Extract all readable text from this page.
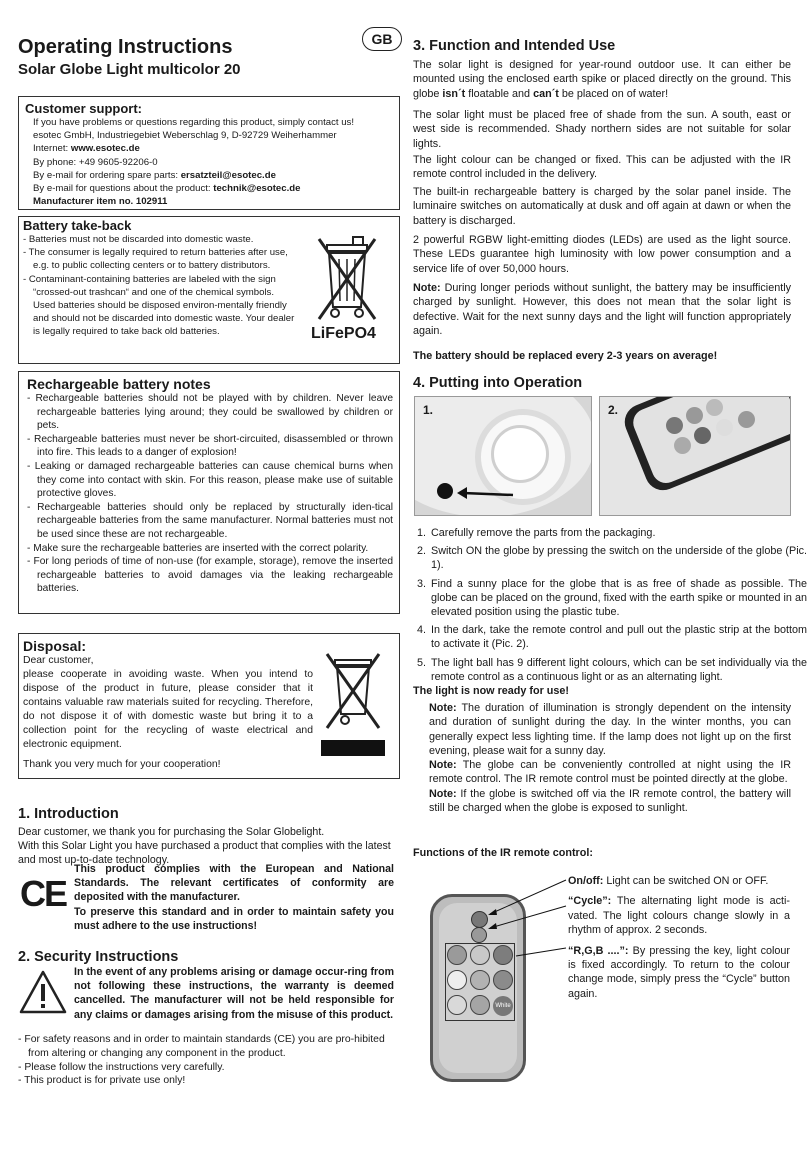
Operating Instructions
Solar Globe Light multicolor 20
GB

Customer support:

If you have problems or questions regarding this product, simply contact us!

esotec GmbH, Industriegebiet Weberschlag 9, D-92729 Weiherhammer

Internet: www.esotec.de

By phone: +49 9605-92206-0

By e-mail for ordering spare parts: ersatzteil@esotec.de

By e-mail for questions about the product: technik@esotec.de

Manufacturer item no. 102911

Battery take-back

- Batteries must not be discarded into domestic waste.

- The consumer is legally required to return batteries after use, e.g. to public collecting centers or to battery distributors.

- Contaminant-containing batteries are labeled with the sign “crossed-out trashcan“ and one of the chemical symbols. Used batteries should be disposed environ-mentally friendly and should not be discarded into domestic waste. Your dealer is legally required to take back old batteries.	LiFePO4

Rechargeable battery notes

- Rechargeable batteries should not be played with by children. Never leave rechargeable batteries lying around; they could be swallowed by children or pets.

- Rechargeable batteries must never be short-circuited, disassembled or thrown into fire. This leads to a danger of explosion!

- Leaking or damaged rechargeable batteries can cause chemical burns when they come into contact with skin. For this reason, please make use of suitable protective gloves.

- Rechargeable batteries should only be replaced by structurally iden-tical rechargeable batteries from the same manufacturer. Normal batteries must not be used since these are not rechargeable.

- Make sure the rechargeable batteries are inserted with the correct polarity.

- For long periods of time of non-use (for example, storage), remove the inserted rechargeable batteries to avoid damages via the leaking rechargeable batteries.

Disposal:

Dear customer,

please cooperate in avoiding waste. When you intend to dispose of the product in future, please consider that it contains valuable raw materials suited for recycling. Therefore, do not dispose it of with domestic waste but bring it to a collection point for the recycling of waste electrical and electronic equipment.

Thank you very much for your cooperation!

1. Introduction

Dear customer, we thank you for purchasing the Solar Globelight.

With this Solar Light you have purchased a product that complies with the latest and most up-to-date technology.

CE

This product complies with the European and National Standards. The relevant certificates of conformity are deposited with the manufacturer.

To preserve this standard and in order to maintain safety you must adhere to the use instructions!

2. Security Instructions
In the event of any problems arising or damage occur-ring from not following these instructions, the warranty is deemed cancelled. The manufacturer will not be held responsible for any claims or damages arising from the misuse of this product.

- For safety reasons and in order to maintain standards (CE) you are pro-hibited from altering or changing any component in the product.

- Please follow the instructions very carefully.

- This product is for private use only!

3. Function and Intended Use

The solar light is designed for year-round outdoor use. It can either be mounted using the enclosed earth spike or placed directly on the ground. This globe isn´t floatable and can´t be placed on of water!

The solar light must be placed free of shade from the sun. A south, east or west side is recommended. Shady northern sides are not suitable for solar lights.

The light colour can be changed or fixed. This can be adjusted with the IR remote control included in the delivery.

The built-in rechargeable battery is charged by the solar panel inside. The luminaire switches on automatically at dusk and off again at dawn or when the battery is discharged.

2 powerful RGBW light-emitting diodes (LEDs) are used as the light source. These LEDs guarantee high luminosity with low power consumption and a service life of over 50,000 hours.

Note: During longer periods without sunlight, the battery may be insufficiently charged by sunlight. However, this does not mean that the solar light is defective. Wait for the next sunny days and the light will function appropriately again.

The battery should be replaced every 2-3 years on average!

4. Putting into Operation
1.	2.
1. Carefully remove the parts from the packaging.
2. Switch ON the globe by pressing the switch on the underside of the globe (Pic. 1).
3. Find a sunny place for the globe that is as free of shade as possible. The globe can be placed on the ground, fixed with the earth spike or mounted in an elevated position using the plastic tube.
4. In the dark, take the remote control and pull out the plastic strip at the bottom to activate it (Pic. 2).
5. The light ball has 9 different light colours, which can be set individually via the remote control as a continuous light or as an alternating light.

The light is now ready for use!

Note: The duration of illumination is strongly dependent on the intensity and duration of sunlight during the day. In the winter months, you can generally expect less lighting time. If the lamp does not light up on the first evening, please wait for a sunny day.

Note: The globe can be conveniently controlled at night using the IR remote control. The IR remote control must be pointed directly at the globe.

Note: If the globe is switched off via the IR remote control, the battery will still be charged when the globe is exposed to sunlight.

Functions of the IR remote control:

White

On/off: Light can be switched ON or OFF.

“Cycle”: The alternating light mode is acti-vated. The light colours change slowly in a rhythm of approx. 2 seconds.

“R,G,B ....”: By pressing the key, light colour is fixed accordingly. To return to the colour change mode, simply press the “Cycle” button again.
